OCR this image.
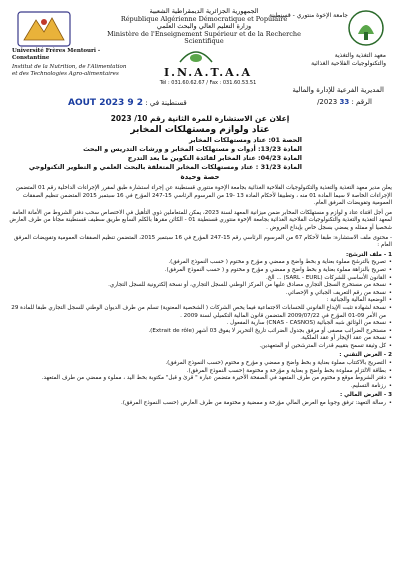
الجمهورية الجزائرية الديمقراطية الشعبية
République Algérienne Démocratique et Populaire
وزارة التعليم العالي والبحث العلمي
Ministère de l'Enseignement Supérieur et de la Recherche Scientifique
جامعة الإخوة منتوري - قسنطينة
Université Frères Mentouri - Constantine
Institut de la Nutrition, de l'Alimentation
et des Technologies Agro-alimentaires	I.N.A.T.A.A
Tél : 031.60.62.67 / Fax : 031.60.53.51
معهد التغذية والتغذية
والتكنولوجيات الفلاحية الغذائية
المديرية الفرعية للإدارة والمالية
قسنطينة في : 2 9 AOUT 2023	الرقم : 33 2023/
إعلان عن الاستشارة للمرة الثانية رقم 10/ 2023
عتاد ولوازم ومستهلكات المخابر
الحصة 01: عتاد ومستهلكات المخابر
المادة 13/23: أدوات و مستهلكات المخابر و ورشات التدريس و البحث
المادة 04/23: عتاد المخابر لفائدة التكوين ما بعد التدرج
المادة 31/23 : عتاد ومستهلكات المخابر المتعلقة بالبحث العلمي و التطوير التكنولوجي
حصة وحيدة

يعلن مدير معهد التغذية والتغذية والتكنولوجيات الفلاحية الغذائية بجامعة الإخوة منتوري قسنطينة عن إجراء استشارة طبق لمقرر الإجراءات الداخلية رقم 01 المتضمن الإجراءات الخاصة لا سيما المادة 01 منه ، وتطبيقا لأحكام المادة 13 -19 من المرسوم الرئاسي 15-247 المؤرخ في 16 سبتمبر 2015 المتضمن تنظيم الصفقات العمومية وتفويضات المرفق العام.

من أجل اقتناء عتاد و لوازم و مستهلكات المخابر ضمن ميزانية المعهد لسنة 2023، يمكن للمتعاملين ذوي التأهيل في الاختصاص سحب دفتر الشروط من الأمانة العامة لمعهد التغذية والتغذية والتكنولوجيات الفلاحية الغذائية بجامعة الإخوة منتوري قسنطينة 01 - الكائن مقرها بالكلم السابع طريق سطيف قسنطينة مجانا من طرف العارض شخصيا أو ممثله و يمضي بسجل خاص بإيداع العروض .

- محتوى ملف الاستشارة: طبقا لأحكام 67 من المرسوم الرئاسي رقم 15-247 المؤرخ في 16 سبتمبر 2015، المتضمن تنظيم الصفقات العمومية وتفويضات المرفق العام :

1 - ملف الترشح:
• تصريح بالترشح مملوء بعناية و بخط واضح و ممضي و مؤرخ و مختوم ( حسب النموذج المرفق).
• تصريح بالنزاهة مملوء بعناية و بخط واضح و ممضي و مؤرخ و مختوم و ( حسب النموذج المرفق).
• القانون الأساسي للشركات (SARL - EURL) ... الخ.
• نسخة من مستخرج السجل التجاري مصادق عليها من المركز الوطني للسجل التجاري، أو نسخة إلكترونية للسجل التجاري.
• نسخة من رقم التعريف الجبائي و الإحصائي.
• الوضعية المالية والجبائية :
• نسخة لشهادة تثبت الإيداع القانوني للحسابات الاجتماعية فيما يخص الشركات ( الشخصية المعنوية) تسلم من طرف الديوان الوطني للسجل التجاري طبقا للمادة 29 من الأمر 09-01 المؤرخ في 2009/07/22 المتضمن قانون المالية التكميلي لسنة 2009 .
• نسخة من الوثائق شبه الجبائية (CNAS - CASNOS) سارية المفعول .
• مستخرج الضرائب مصفى أو مرفق بجدول الضرائب تاريخ التحرير لا يفوق 03 أشهر (Extrait de rôle).
• نسخة من عقد الإيجار أو عقد الملكية.
• كل وثيقة تسمح بتقييم قدرات المترشحين أو المتعهدين.
2 - العرض التقني :
• التصريح بالاكتتاب مملوء بعناية و بخط واضح و ممضي و مؤرخ و مختوم (حسب النموذج المرفق).
• بطاقة الالتزام مملوءة بخط واضح و بعناية و مؤرخة و مختومة (حسب النموذج المرفق).
• دفتر الشروط موقع و مختوم من طرف المتعهد في الصفحة الأخيرة متضمن عبارة " قرئ و قبل" مكتوبة بخط اليد ، مملوء و ممضي من طرف المتعهد.
• رزنامة التسليم.
3 - العرض المالي :
• رسالة التعهد: ترفق وجوبا مع العرض المالي مؤرخة و ممضية و مختومة من طرف العارض (حسب النموذج المرفق).
